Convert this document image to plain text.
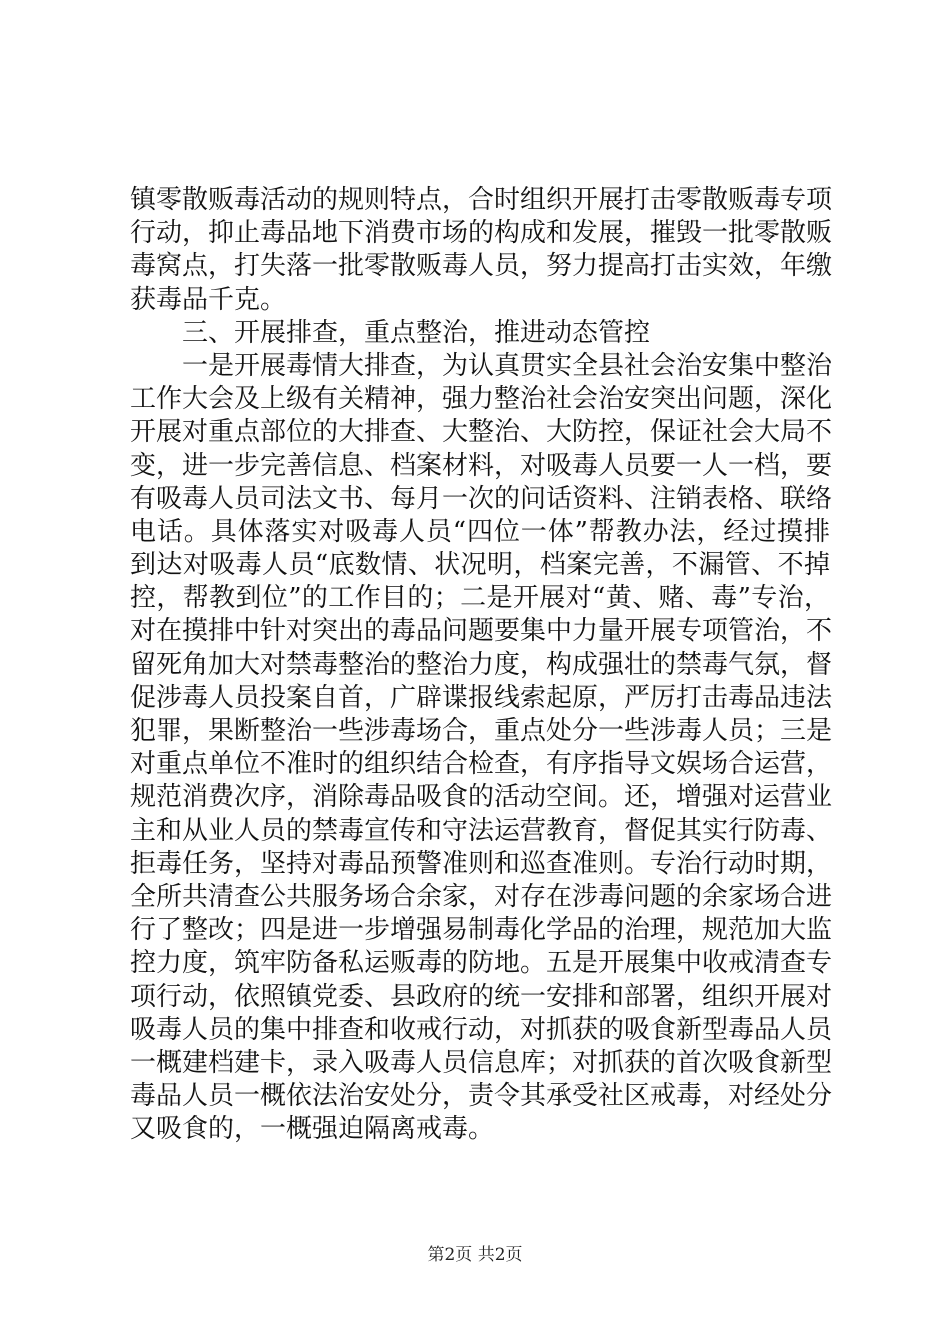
镇零散贩毒活动的规则特点，合时组织开展打击零散贩毒专项
行动，抑止毒品地下消费市场的构成和发展，摧毁一批零散贩
毒窝点，打失落一批零散贩毒人员，努力提高打击实效，年缴
获毒品千克。
　　三、开展排查，重点整治，推进动态管控
　　一是开展毒情大排查，为认真贯实全县社会治安集中整治
工作大会及上级有关精神，强力整治社会治安突出问题，深化
开展对重点部位的大排查、大整治、大防控，保证社会大局不
变，进一步完善信息、档案材料，对吸毒人员要一人一档，要
有吸毒人员司法文书、每月一次的问话资料、注销表格、联络
电话。具体落实对吸毒人员“四位一体”帮教办法，经过摸排
到达对吸毒人员“底数情、状况明，档案完善，不漏管、不掉
控，帮教到位”的工作目的；二是开展对“黄、赌、毒”专治，
对在摸排中针对突出的毒品问题要集中力量开展专项管治，不
留死角加大对禁毒整治的整治力度，构成强壮的禁毒气氛，督
促涉毒人员投案自首，广辟谍报线索起原，严厉打击毒品违法
犯罪，果断整治一些涉毒场合，重点处分一些涉毒人员；三是
对重点单位不准时的组织结合检查，有序指导文娱场合运营，
规范消费次序，消除毒品吸食的活动空间。还，增强对运营业
主和从业人员的禁毒宣传和守法运营教育，督促其实行防毒、
拒毒任务，坚持对毒品预警准则和巡查准则。专治行动时期，
全所共清查公共服务场合余家，对存在涉毒问题的余家场合进
行了整改；四是进一步增强易制毒化学品的治理，规范加大监
控力度，筑牢防备私运贩毒的防地。五是开展集中收戒清查专
项行动，依照镇党委、县政府的统一安排和部署，组织开展对
吸毒人员的集中排查和收戒行动，对抓获的吸食新型毒品人员
一概建档建卡，录入吸毒人员信息库；对抓获的首次吸食新型
毒品人员一概依法治安处分，责令其承受社区戒毒，对经处分
又吸食的，一概强迫隔离戒毒。
第2页 共2页
